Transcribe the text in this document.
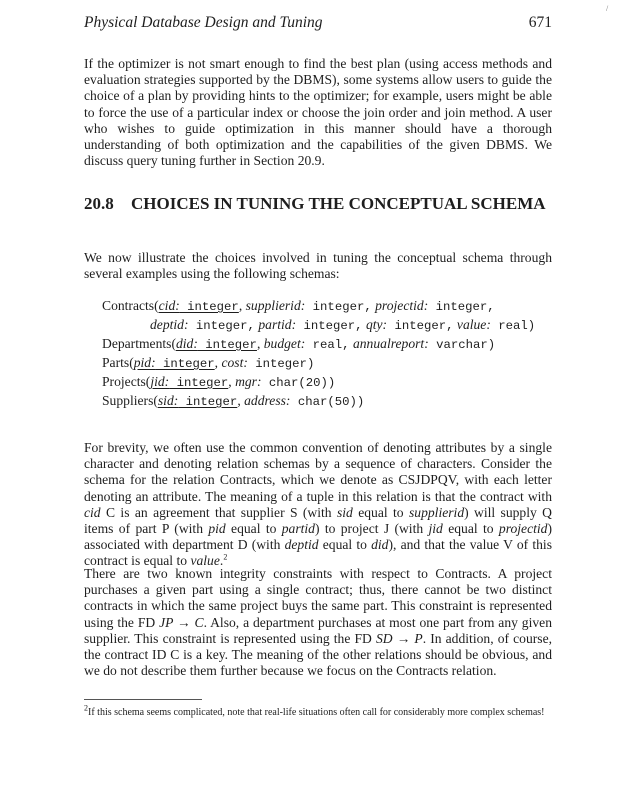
Physical Database Design and Tuning	671
/

If the optimizer is not smart enough to find the best plan (using access methods and evaluation strategies supported by the DBMS), some systems allow users to guide the choice of a plan by providing hints to the optimizer; for example, users might be able to force the use of a particular index or choose the join order and join method. A user who wishes to guide optimization in this manner should have a thorough understanding of both optimization and the capabilities of the given DBMS. We discuss query tuning further in Section 20.9.

20.8 CHOICES IN TUNING THE CONCEPTUAL SCHEMA

We now illustrate the choices involved in tuning the conceptual schema through several examples using the following schemas:

Contracts(cid: integer, supplierid: integer, projectid: integer,
deptid: integer, partid: integer, qty: integer, value: real)
Departments(did: integer, budget: real, annualreport: varchar)
Parts(pid: integer, cost: integer)
Projects(jid: integer, mgr: char(20))
Suppliers(sid: integer, address: char(50))

For brevity, we often use the common convention of denoting attributes by a single character and denoting relation schemas by a sequence of characters. Consider the schema for the relation Contracts, which we denote as CSJDPQV, with each letter denoting an attribute. The meaning of a tuple in this relation is that the contract with cid C is an agreement that supplier S (with sid equal to supplierid) will supply Q items of part P (with pid equal to partid) to project J (with jid equal to projectid) associated with department D (with deptid equal to did), and that the value V of this contract is equal to value.$^2$

There are two known integrity constraints with respect to Contracts. A project purchases a given part using a single contract; thus, there cannot be two distinct contracts in which the same project buys the same part. This constraint is represented using the FD JP → C. Also, a department purchases at most one part from any given supplier. This constraint is represented using the FD SD → P. In addition, of course, the contract ID C is a key. The meaning of the other relations should be obvious, and we do not describe them further because we focus on the Contracts relation.

$^2$If this schema seems complicated, note that real-life situations often call for considerably more complex schemas!
